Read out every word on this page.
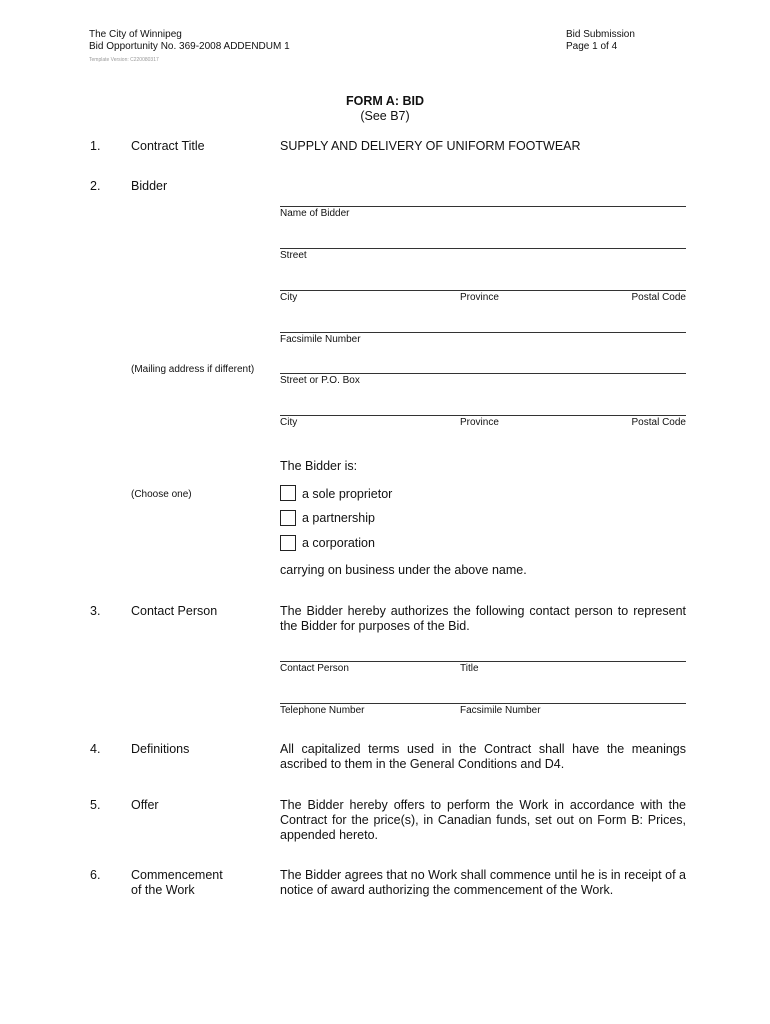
The City of Winnipeg
Bid Opportunity No. 369-2008 ADDENDUM 1
Template Version: C220080317
Bid Submission
Page 1 of 4
FORM A: BID
(See B7)
1. Contract Title	SUPPLY AND DELIVERY OF UNIFORM FOOTWEAR
2. Bidder
Name of Bidder
Street
City	Province	Postal Code
Facsimile Number
(Mailing address if different)
Street or P.O. Box
City	Province	Postal Code
The Bidder is:
(Choose one)	a sole proprietor
a partnership
a corporation
carrying on business under the above name.
3. Contact Person	The Bidder hereby authorizes the following contact person to represent the Bidder for purposes of the Bid.
Contact Person	Title
Telephone Number	Facsimile Number
4. Definitions	All capitalized terms used in the Contract shall have the meanings ascribed to them in the General Conditions and D4.
5. Offer	The Bidder hereby offers to perform the Work in accordance with the Contract for the price(s), in Canadian funds, set out on Form B: Prices, appended hereto.
6. Commencement
of the Work
The Bidder agrees that no Work shall commence until he is in receipt of a notice of award authorizing the commencement of the Work.
